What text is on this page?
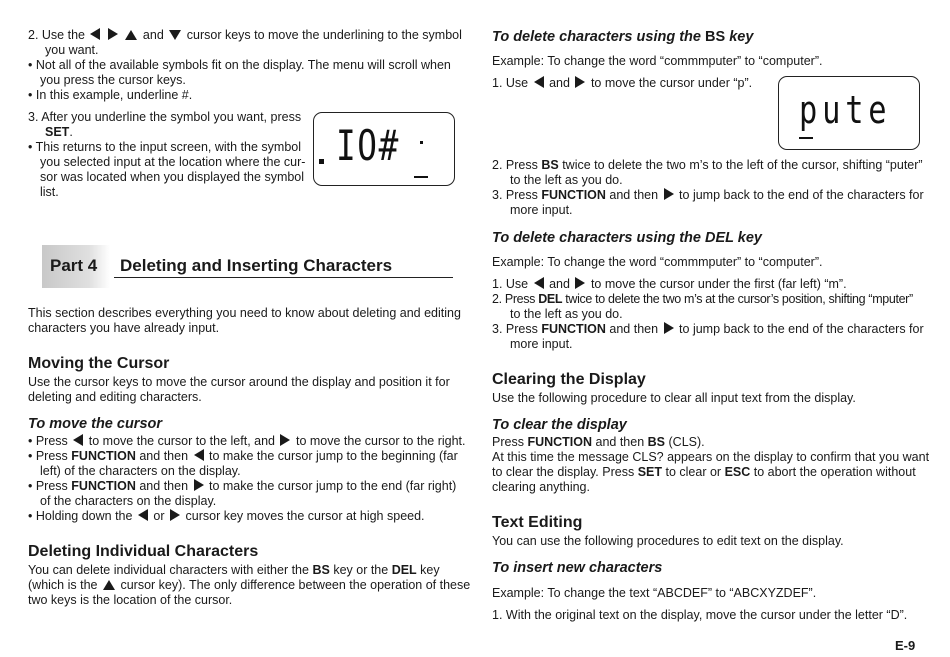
2. Use the	and cursor keys to move the underlining to the symbol
you want.
• Not all of the available symbols fit on the display. The menu will scroll when
you press the cursor keys.
• In this example, underline #.
3. After you underline the symbol you want, press
SET.
• This returns to the input screen, with the symbol
you selected input at the location where the cur-
sor was located when you displayed the symbol
list.
IO#
Part 4 Deleting and Inserting Characters
This section describes everything you need to know about deleting and editing
characters you have already input.
Moving the Cursor
Use the cursor keys to move the cursor around the display and position it for
deleting and editing characters.
To move the cursor
• Press to move the cursor to the left, and to move the cursor to the right.
• Press FUNCTION and then to make the cursor jump to the beginning (far
left) of the characters on the display.
• Press FUNCTION and then to make the cursor jump to the end (far right)
of the characters on the display.
• Holding down the or cursor key moves the cursor at high speed.
Deleting Individual Characters
You can delete individual characters with either the BS key or the DEL key
(which is the cursor key). The only difference between the operation of these
two keys is the location of the cursor.
To delete characters using the BS key
Example: To change the word “commmputer” to “computer”.
1. Use and to move the cursor under “p”.
pute
2. Press BS twice to delete the two m’s to the left of the cursor, shifting “puter”
to the left as you do.
3. Press FUNCTION and then to jump back to the end of the characters for
more input.
To delete characters using the DEL key
Example: To change the word “commmputer” to “computer”.
1. Use and to move the cursor under the first (far left) “m”.
2. Press DEL twice to delete the two m’s at the cursor’s position, shifting “mputer”
to the left as you do.
3. Press FUNCTION and then to jump back to the end of the characters for
more input.
Clearing the Display
Use the following procedure to clear all input text from the display.
To clear the display
Press FUNCTION and then BS (CLS).
At this time the message CLS? appears on the display to confirm that you want
to clear the display. Press SET to clear or ESC to abort the operation without
clearing anything.
Text Editing
You can use the following procedures to edit text on the display.
To insert new characters
Example: To change the text “ABCDEF” to “ABCXYZDEF”.
1. With the original text on the display, move the cursor under the letter “D”.
E-9
